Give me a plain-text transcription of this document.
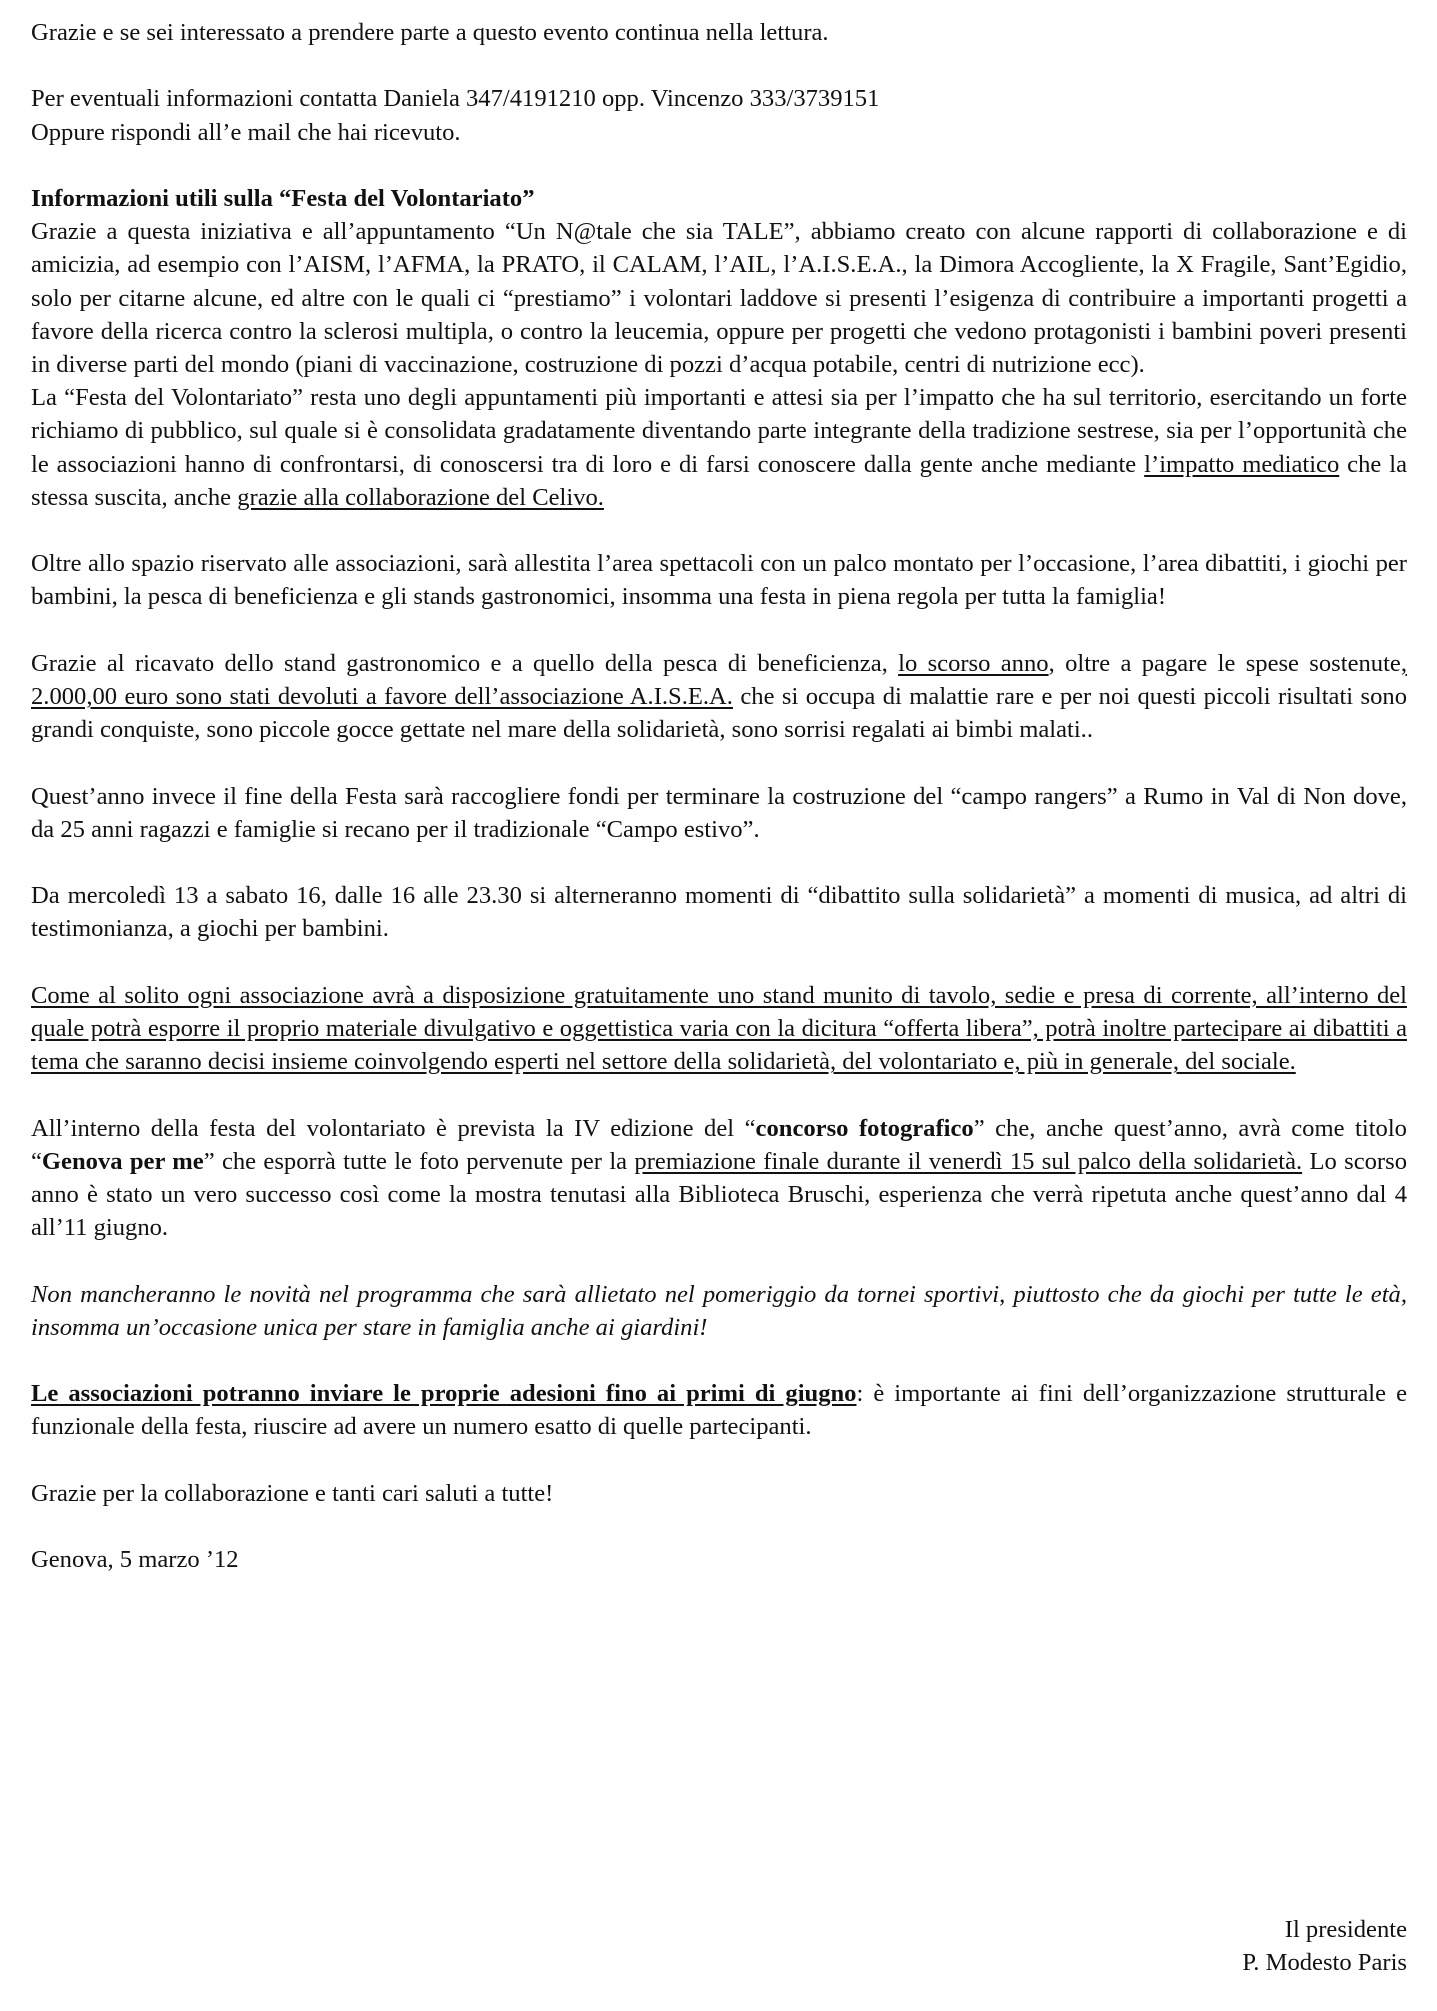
Grazie e se sei interessato a prendere parte a questo evento continua nella lettura.

Per eventuali informazioni contatta Daniela 347/4191210 opp. Vincenzo 333/3739151

Oppure rispondi all’e mail che hai ricevuto.

Informazioni utili sulla “Festa del Volontariato”

Grazie a questa iniziativa e all’appuntamento “Un N@tale che sia TALE”, abbiamo creato con alcune rapporti di collaborazione e di amicizia, ad esempio con l’AISM, l’AFMA, la PRATO, il CALAM, l’AIL, l’A.I.S.E.A., la Dimora Accogliente, la X Fragile, Sant’Egidio, solo per citarne alcune, ed altre con le quali ci “prestiamo” i volontari laddove si presenti l’esigenza di contribuire a importanti progetti a favore della ricerca contro la sclerosi multipla, o contro la leucemia, oppure per progetti che vedono protagonisti i bambini poveri presenti in diverse parti del mondo (piani di vaccinazione, costruzione di pozzi d’acqua potabile, centri di nutrizione ecc).

La “Festa del Volontariato” resta uno degli appuntamenti più importanti e attesi sia per l’impatto che ha sul territorio, esercitando un forte richiamo di pubblico, sul quale si è consolidata gradatamente diventando parte integrante della tradizione sestrese, sia per l’opportunità che le associazioni hanno di confrontarsi, di conoscersi tra di loro e di farsi conoscere dalla gente anche mediante l’impatto mediatico che la stessa suscita, anche grazie alla collaborazione del Celivo.

Oltre allo spazio riservato alle associazioni, sarà allestita l’area spettacoli con un palco montato per l’occasione, l’area dibattiti, i giochi per bambini, la pesca di beneficienza e gli stands gastronomici, insomma una festa in piena regola per tutta la famiglia!

Grazie al ricavato dello stand gastronomico e a quello della pesca di beneficienza, lo scorso anno, oltre a pagare le spese sostenute, 2.000,00 euro sono stati devoluti a favore dell’associazione A.I.S.E.A. che si occupa di malattie rare e per noi questi piccoli risultati sono grandi conquiste, sono piccole gocce gettate nel mare della solidarietà, sono sorrisi regalati ai bimbi malati..

Quest’anno invece il fine della Festa sarà raccogliere fondi per terminare la costruzione del “campo rangers” a Rumo in Val di Non dove, da 25 anni ragazzi e famiglie si recano per il tradizionale “Campo estivo”.

Da mercoledì 13 a sabato 16, dalle 16 alle 23.30 si alterneranno momenti di “dibattito sulla solidarietà” a momenti di musica, ad altri di testimonianza, a giochi per bambini.

Come al solito ogni associazione avrà a disposizione gratuitamente uno stand munito di tavolo, sedie e presa di corrente, all’interno del quale potrà esporre il proprio materiale divulgativo e oggettistica varia con la dicitura “offerta libera”, potrà inoltre partecipare ai dibattiti a tema che saranno decisi insieme coinvolgendo esperti nel settore della solidarietà, del volontariato e, più in generale, del sociale.

All’interno della festa del volontariato è prevista la IV edizione del “concorso fotografico” che, anche quest’anno, avrà come titolo “Genova per me” che esporrà tutte le foto pervenute per la premiazione finale durante il venerdì 15 sul palco della solidarietà. Lo scorso anno è stato un vero successo così come la mostra tenutasi alla Biblioteca Bruschi, esperienza che verrà ripetuta anche quest’anno dal 4 all’11 giugno.

Non mancheranno le novità nel programma che sarà allietato nel pomeriggio da tornei sportivi, piuttosto che da giochi per tutte le età, insomma un’occasione unica per stare in famiglia anche ai giardini!

Le associazioni potranno inviare le proprie adesioni fino ai primi di giugno: è importante ai fini dell’organizzazione strutturale e funzionale della festa, riuscire ad avere un numero esatto di quelle partecipanti.

Grazie per la collaborazione e tanti cari saluti a tutte!

Genova, 5 marzo ’12

Il presidente

P. Modesto Paris
